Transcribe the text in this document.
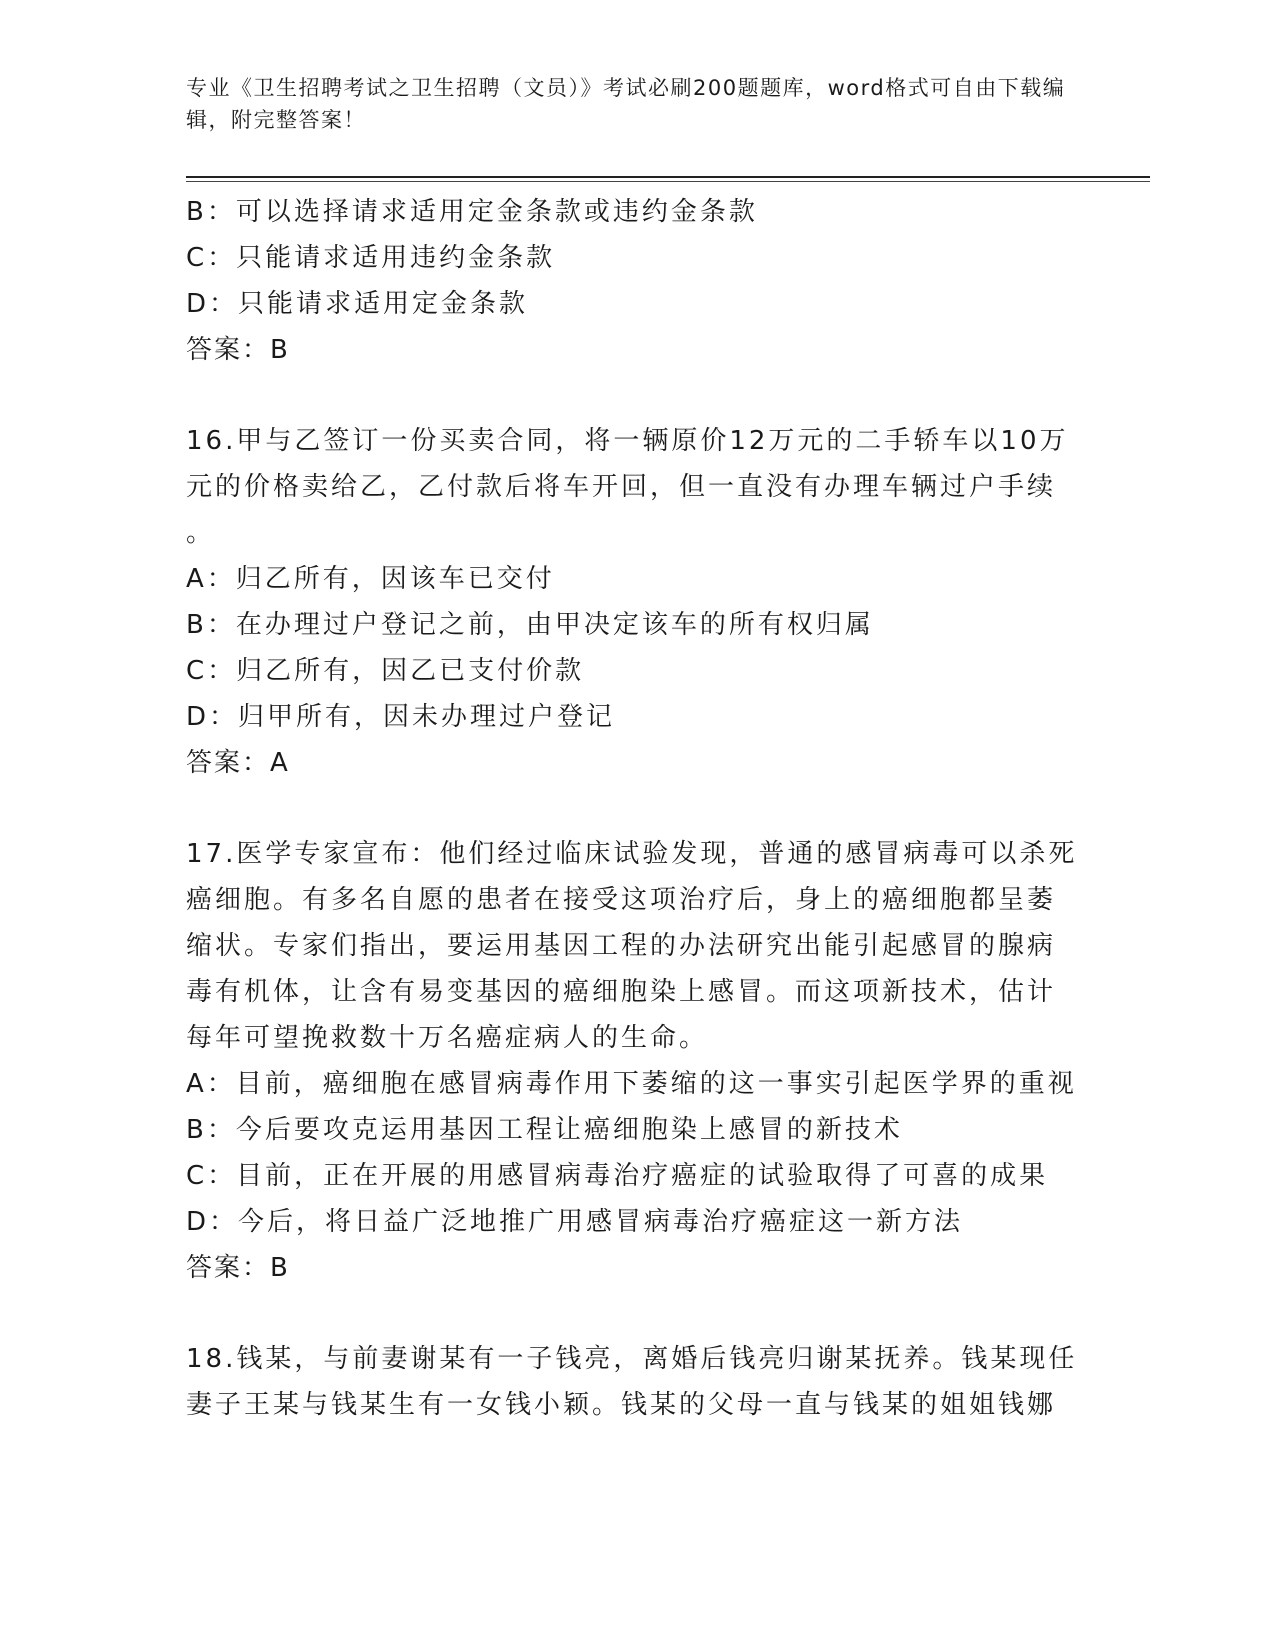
专业《卫生招聘考试之卫生招聘（文员）》考试必刷200题题库，word格式可自由下载编辑，附完整答案！
B：可以选择请求适用定金条款或违约金条款
C：只能请求适用违约金条款
D：只能请求适用定金条款
答案：B
16.甲与乙签订一份买卖合同，将一辆原价12万元的二手轿车以10万
元的价格卖给乙，乙付款后将车开回，但一直没有办理车辆过户手续
。
A：归乙所有，因该车已交付
B：在办理过户登记之前，由甲决定该车的所有权归属
C：归乙所有，因乙已支付价款
D：归甲所有，因未办理过户登记
答案：A
17.医学专家宣布：他们经过临床试验发现，普通的感冒病毒可以杀死
癌细胞。有多名自愿的患者在接受这项治疗后，身上的癌细胞都呈萎
缩状。专家们指出，要运用基因工程的办法研究出能引起感冒的腺病
毒有机体，让含有易变基因的癌细胞染上感冒。而这项新技术，估计
每年可望挽救数十万名癌症病人的生命。
A：目前，癌细胞在感冒病毒作用下萎缩的这一事实引起医学界的重视
B：今后要攻克运用基因工程让癌细胞染上感冒的新技术
C：目前，正在开展的用感冒病毒治疗癌症的试验取得了可喜的成果
D：今后，将日益广泛地推广用感冒病毒治疗癌症这一新方法
答案：B
18.钱某，与前妻谢某有一子钱亮，离婚后钱亮归谢某抚养。钱某现任
妻子王某与钱某生有一女钱小颖。钱某的父母一直与钱某的姐姐钱娜
